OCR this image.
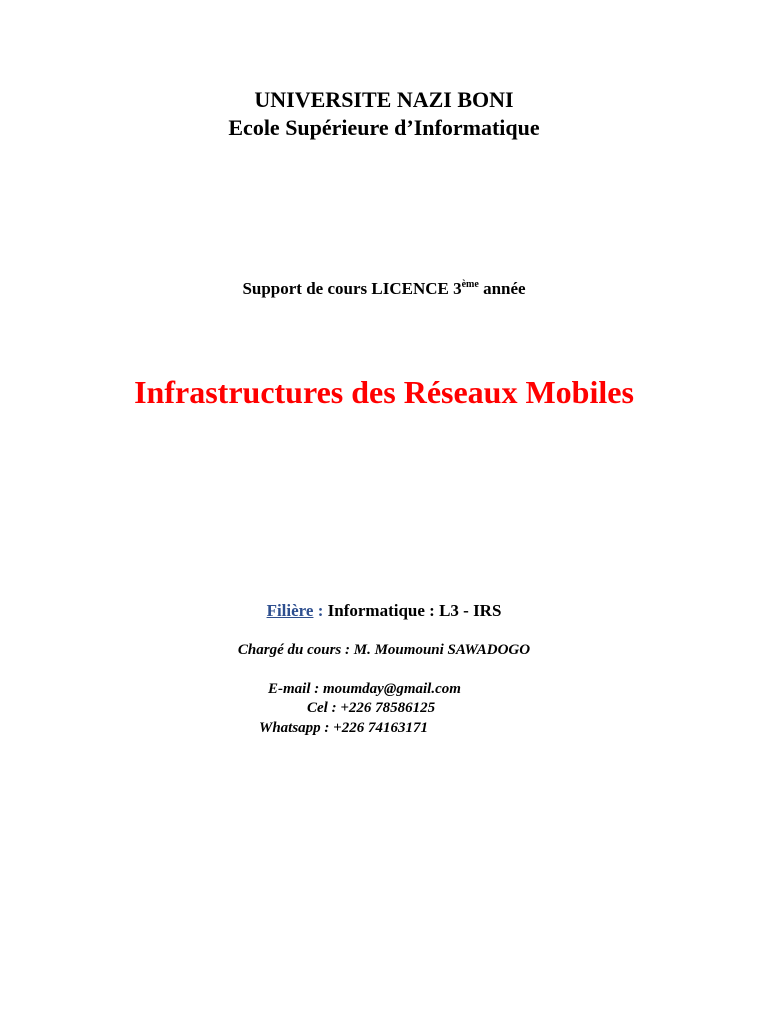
UNIVERSITE NAZI BONI
Ecole Supérieure d’Informatique
Support de cours LICENCE 3ème année
Infrastructures des Réseaux Mobiles
Filière : Informatique : L3 - IRS
Chargé du cours : M. Moumouni SAWADOGO
E-mail : moumday@gmail.com
Cel : +226 78586125
Whatsapp : +226 74163171
